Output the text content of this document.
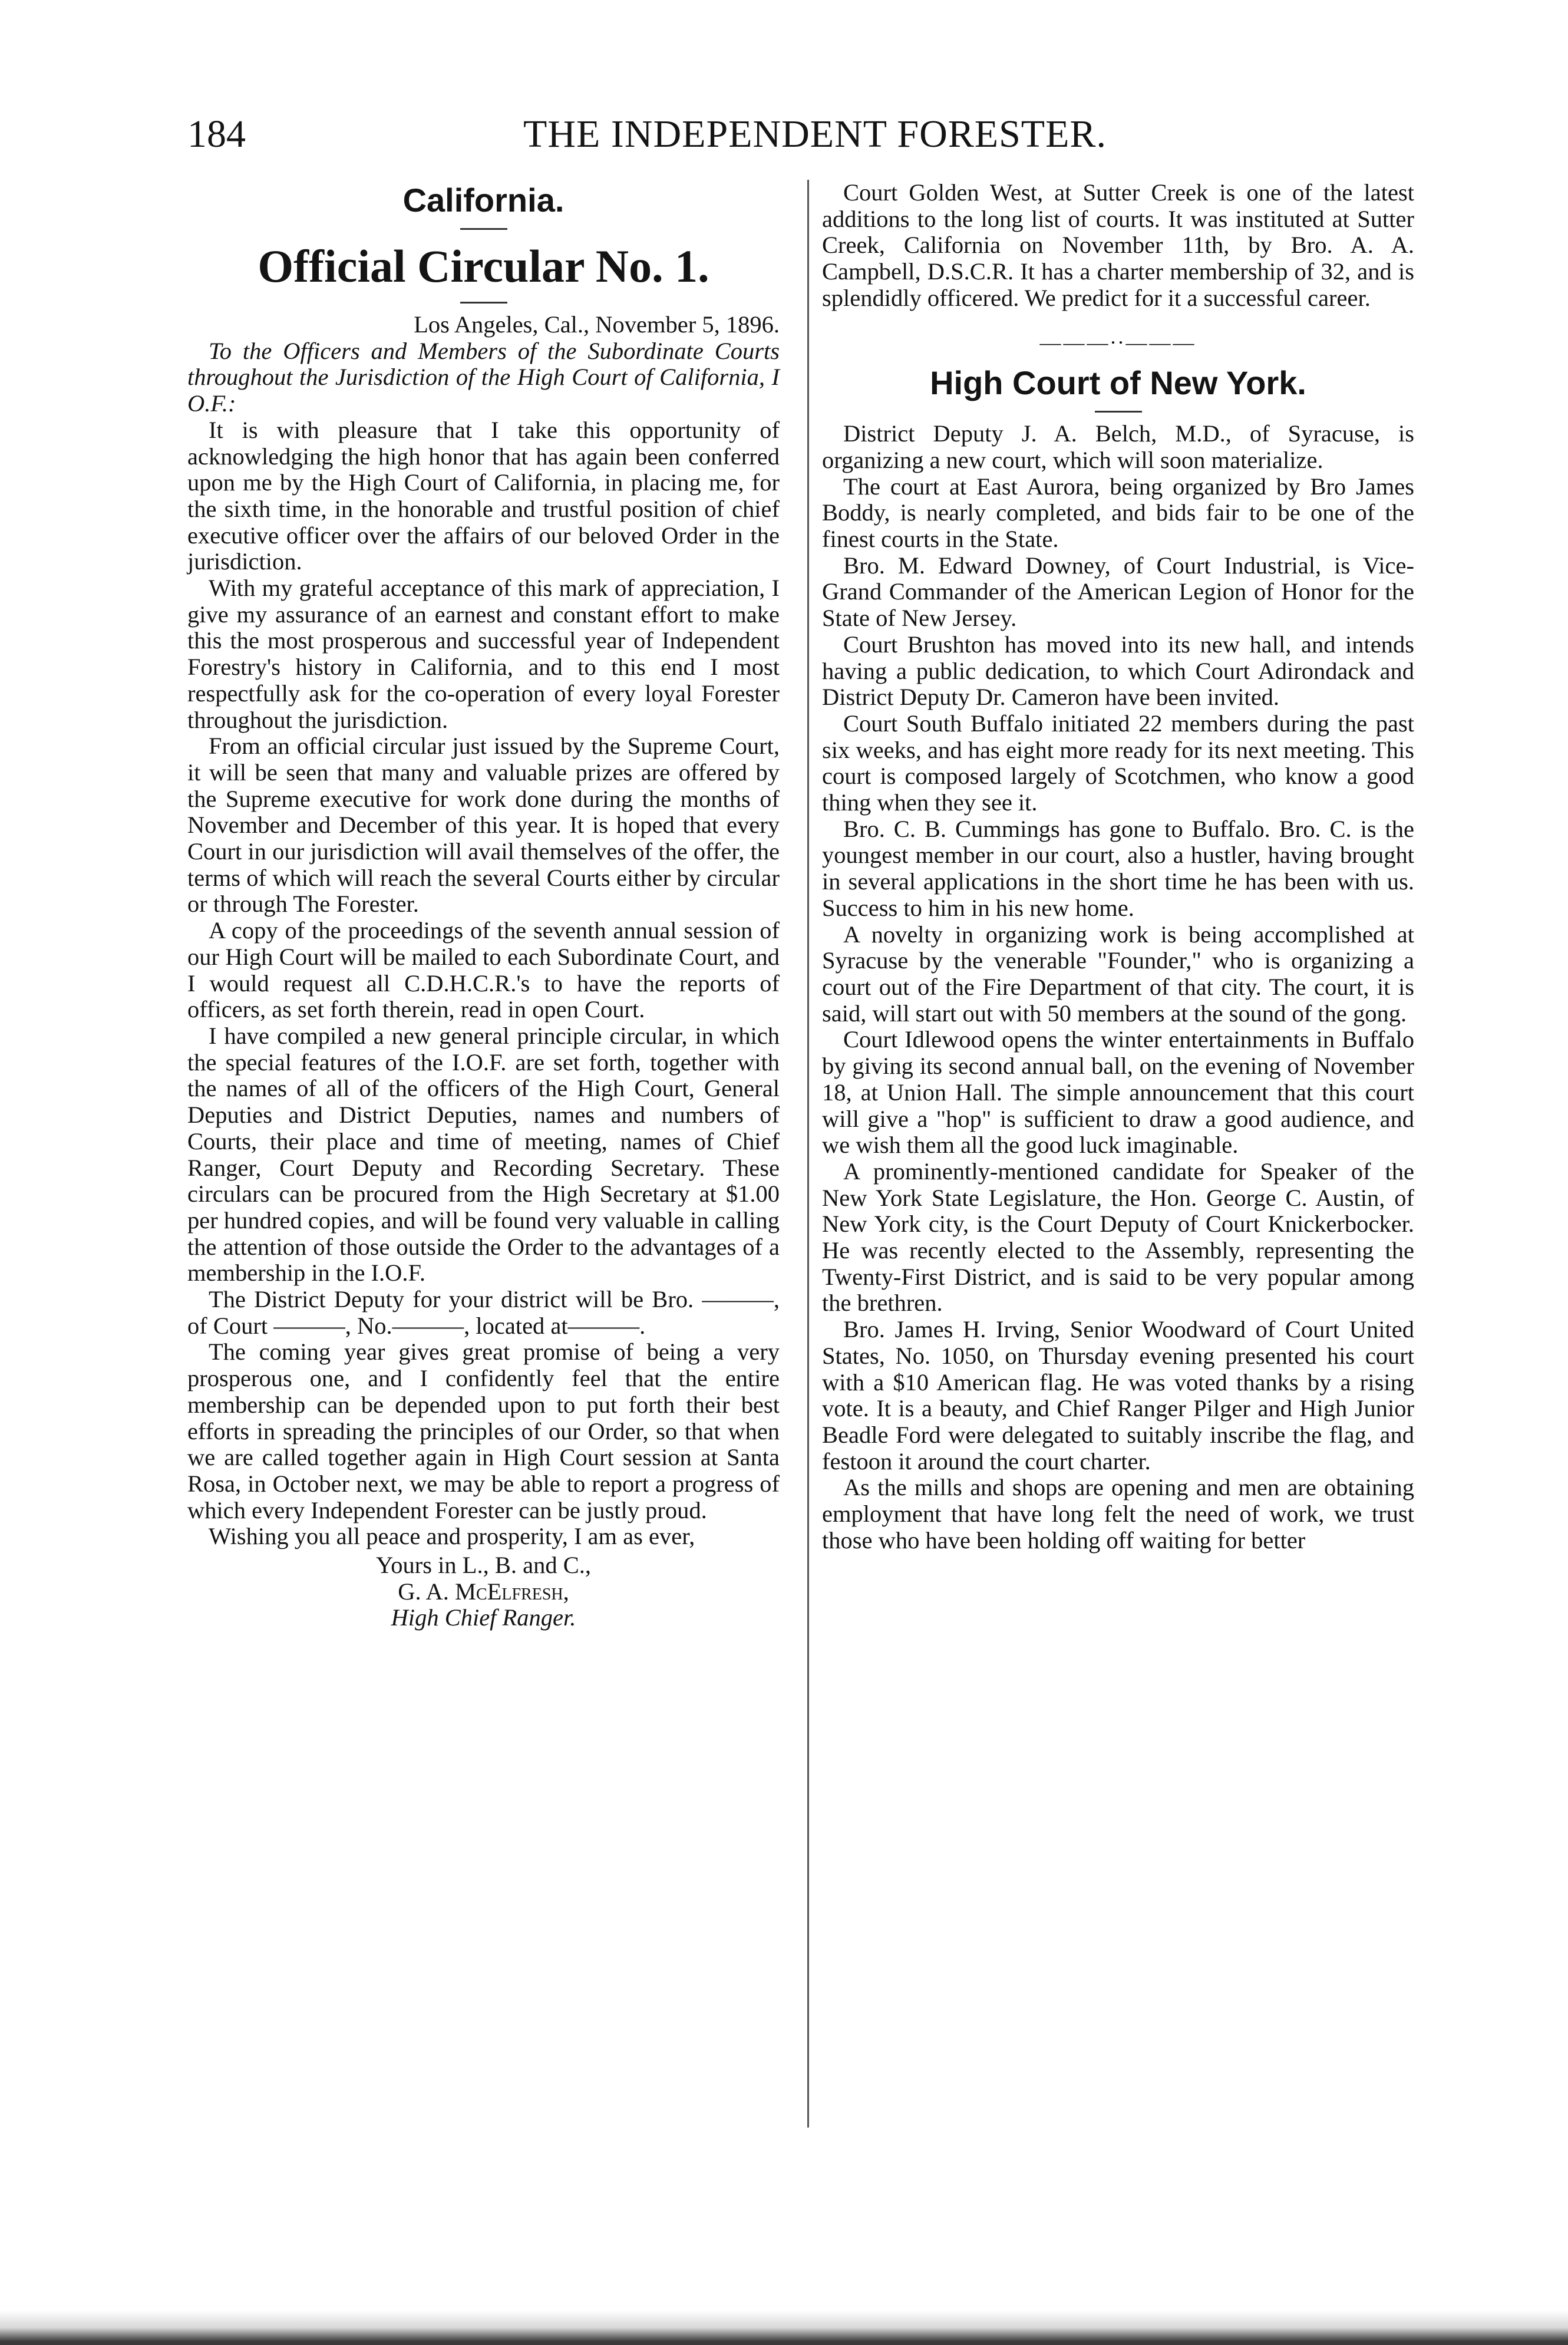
184	THE INDEPENDENT FORESTER.
California.
Official Circular No. 1.

Los Angeles, Cal., November 5, 1896.

To the Officers and Members of the Subordinate Courts throughout the Jurisdiction of the High Court of California, I O.F.:

It is with pleasure that I take this opportunity of acknowledging the high honor that has again been conferred upon me by the High Court of California, in placing me, for the sixth time, in the honorable and trustful position of chief executive officer over the affairs of our beloved Order in the jurisdiction.

With my grateful acceptance of this mark of appreciation, I give my assurance of an earnest and constant effort to make this the most prosperous and successful year of Independent Forestry's history in California, and to this end I most respectfully ask for the co-operation of every loyal Forester throughout the jurisdiction.

From an official circular just issued by the Supreme Court, it will be seen that many and valuable prizes are offered by the Supreme executive for work done during the months of November and December of this year. It is hoped that every Court in our jurisdiction will avail themselves of the offer, the terms of which will reach the several Courts either by circular or through The Forester.

A copy of the proceedings of the seventh annual session of our High Court will be mailed to each Subordinate Court, and I would request all C.D.H.C.R.'s to have the reports of officers, as set forth therein, read in open Court.

I have compiled a new general principle circular, in which the special features of the I.O.F. are set forth, together with the names of all of the officers of the High Court, General Deputies and District Deputies, names and numbers of Courts, their place and time of meeting, names of Chief Ranger, Court Deputy and Recording Secretary. These circulars can be procured from the High Secretary at $1.00 per hundred copies, and will be found very valuable in calling the attention of those outside the Order to the advantages of a membership in the I.O.F.

The District Deputy for your district will be Bro. ———, of Court ———, No.———, located at———.

The coming year gives great promise of being a very prosperous one, and I confidently feel that the entire membership can be depended upon to put forth their best efforts in spreading the principles of our Order, so that when we are called together again in High Court session at Santa Rosa, in October next, we may be able to report a progress of which every Independent Forester can be justly proud.

Wishing you all peace and prosperity, I am as ever,

Yours in L., B. and C.,
G. A. McElfresh,
High Chief Ranger.

Court Golden West, at Sutter Creek is one of the latest additions to the long list of courts. It was instituted at Sutter Creek, California on November 11th, by Bro. A. A. Campbell, D.S.C.R. It has a charter membership of 32, and is splendidly officered. We predict for it a successful career.

———∙∙———
High Court of New York.

District Deputy J. A. Belch, M.D., of Syracuse, is organizing a new court, which will soon materialize.

The court at East Aurora, being organized by Bro James Boddy, is nearly completed, and bids fair to be one of the finest courts in the State.

Bro. M. Edward Downey, of Court Industrial, is Vice-Grand Commander of the American Legion of Honor for the State of New Jersey.

Court Brushton has moved into its new hall, and intends having a public dedication, to which Court Adirondack and District Deputy Dr. Cameron have been invited.

Court South Buffalo initiated 22 members during the past six weeks, and has eight more ready for its next meeting. This court is composed largely of Scotchmen, who know a good thing when they see it.

Bro. C. B. Cummings has gone to Buffalo. Bro. C. is the youngest member in our court, also a hustler, having brought in several applications in the short time he has been with us. Success to him in his new home.

A novelty in organizing work is being accomplished at Syracuse by the venerable "Founder," who is organizing a court out of the Fire Department of that city. The court, it is said, will start out with 50 members at the sound of the gong.

Court Idlewood opens the winter entertainments in Buffalo by giving its second annual ball, on the evening of November 18, at Union Hall. The simple announcement that this court will give a "hop" is sufficient to draw a good audience, and we wish them all the good luck imaginable.

A prominently-mentioned candidate for Speaker of the New York State Legislature, the Hon. George C. Austin, of New York city, is the Court Deputy of Court Knickerbocker. He was recently elected to the Assembly, representing the Twenty-First District, and is said to be very popular among the brethren.

Bro. James H. Irving, Senior Woodward of Court United States, No. 1050, on Thursday evening presented his court with a $10 American flag. He was voted thanks by a rising vote. It is a beauty, and Chief Ranger Pilger and High Junior Beadle Ford were delegated to suitably inscribe the flag, and festoon it around the court charter.

As the mills and shops are opening and men are obtaining employment that have long felt the need of work, we trust those who have been holding off waiting for better
